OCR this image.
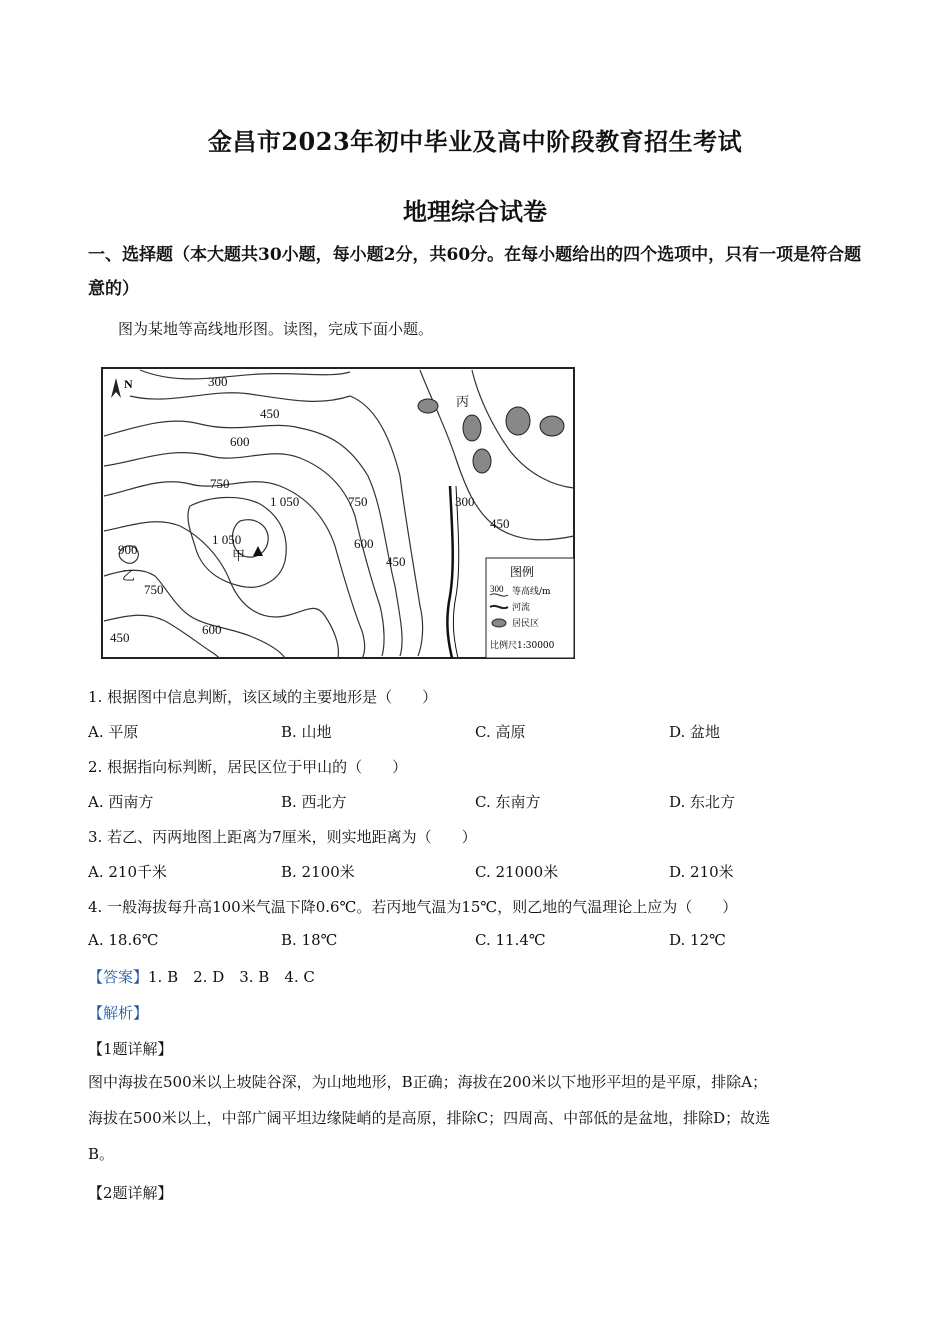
金昌市2023年初中毕业及高中阶段教育招生考试
地理综合试卷
一、选择题（本大题共30小题，每小题2分，共60分。在每小题给出的四个选项中，只有一项是符合题意的）
图为某地等高线地形图。读图，完成下面小题。
N	300
450
600
750
1 050
1 050
750
600
450
300
450
900
750
450
600
甲
乙
丙
图例
300 等高线/m
河流
居民区
比例尺1:30000
1. 根据图中信息判断，该区域的主要地形是（　　）
A. 平原	B. 山地	C. 高原	D. 盆地
2. 根据指向标判断，居民区位于甲山的（　　）
A. 西南方	B. 西北方	C. 东南方	D. 东北方
3. 若乙、丙两地图上距离为7厘米，则实地距离为（　　）
A. 210千米	B. 2100米	C. 21000米	D. 210米
4. 一般海拔每升高100米气温下降0.6℃。若丙地气温为15℃，则乙地的气温理论上应为（　　）
A. 18.6℃	B. 18℃	C. 11.4℃	D. 12℃
【答案】1. B　2. D　3. B　4. C
【解析】
【1题详解】
图中海拔在500米以上坡陡谷深，为山地地形，B正确；海拔在200米以下地形平坦的是平原，排除A；
海拔在500米以上，中部广阔平坦边缘陡峭的是高原，排除C；四周高、中部低的是盆地，排除D；故选
B。
【2题详解】
